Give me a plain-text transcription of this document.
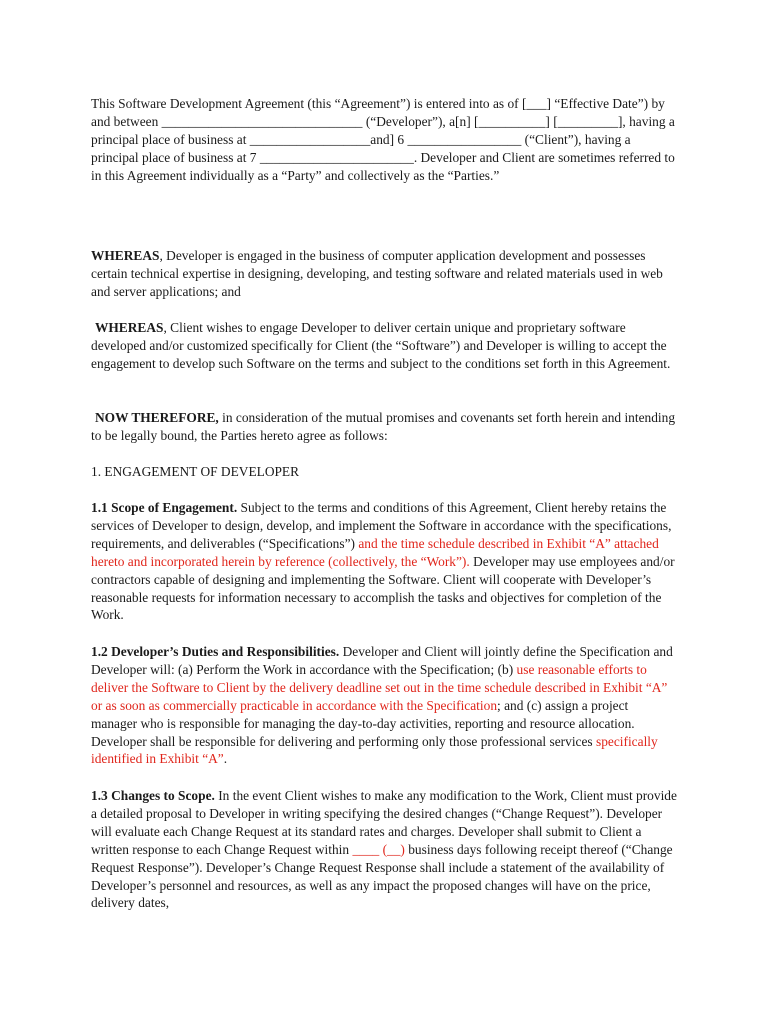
This Software Development Agreement (this “Agreement”) is entered into as of [___] “Effective Date”) by and between ______________________________ (“Developer”), a[n] [__________] [_________], having a principal place of business at __________________and] 6 _________________ (“Client”), having a principal place of business at 7 _______________________. Developer and Client are sometimes referred to in this Agreement individually as a “Party” and collectively as the “Parties.”

WHEREAS, Developer is engaged in the business of computer application development and possesses certain technical expertise in designing, developing, and testing software and related materials used in web and server applications; and

WHEREAS, Client wishes to engage Developer to deliver certain unique and proprietary software developed and/or customized specifically for Client (the “Software”) and Developer is willing to accept the engagement to develop such Software on the terms and subject to the conditions set forth in this Agreement.

NOW THEREFORE, in consideration of the mutual promises and covenants set forth herein and intending to be legally bound, the Parties hereto agree as follows:

1. ENGAGEMENT OF DEVELOPER

1.1 Scope of Engagement. Subject to the terms and conditions of this Agreement, Client hereby retains the services of Developer to design, develop, and implement the Software in accordance with the specifications, requirements, and deliverables (“Specifications”) and the time schedule described in Exhibit “A” attached hereto and incorporated herein by reference (collectively, the “Work”). Developer may use employees and/or contractors capable of designing and implementing the Software. Client will cooperate with Developer’s reasonable requests for information necessary to accomplish the tasks and objectives for completion of the Work.

1.2 Developer’s Duties and Responsibilities. Developer and Client will jointly define the Specification and Developer will: (a) Perform the Work in accordance with the Specification; (b) use reasonable efforts to deliver the Software to Client by the delivery deadline set out in the time schedule described in Exhibit “A” or as soon as commercially practicable in accordance with the Specification; and (c) assign a project manager who is responsible for managing the day-to-day activities, reporting and resource allocation. Developer shall be responsible for delivering and performing only those professional services specifically identified in Exhibit “A”.

1.3 Changes to Scope. In the event Client wishes to make any modification to the Work, Client must provide a detailed proposal to Developer in writing specifying the desired changes (“Change Request”). Developer will evaluate each Change Request at its standard rates and charges. Developer shall submit to Client a written response to each Change Request within ____ (__) business days following receipt thereof (“Change Request Response”). Developer’s Change Request Response shall include a statement of the availability of Developer’s personnel and resources, as well as any impact the proposed changes will have on the price, delivery dates,
